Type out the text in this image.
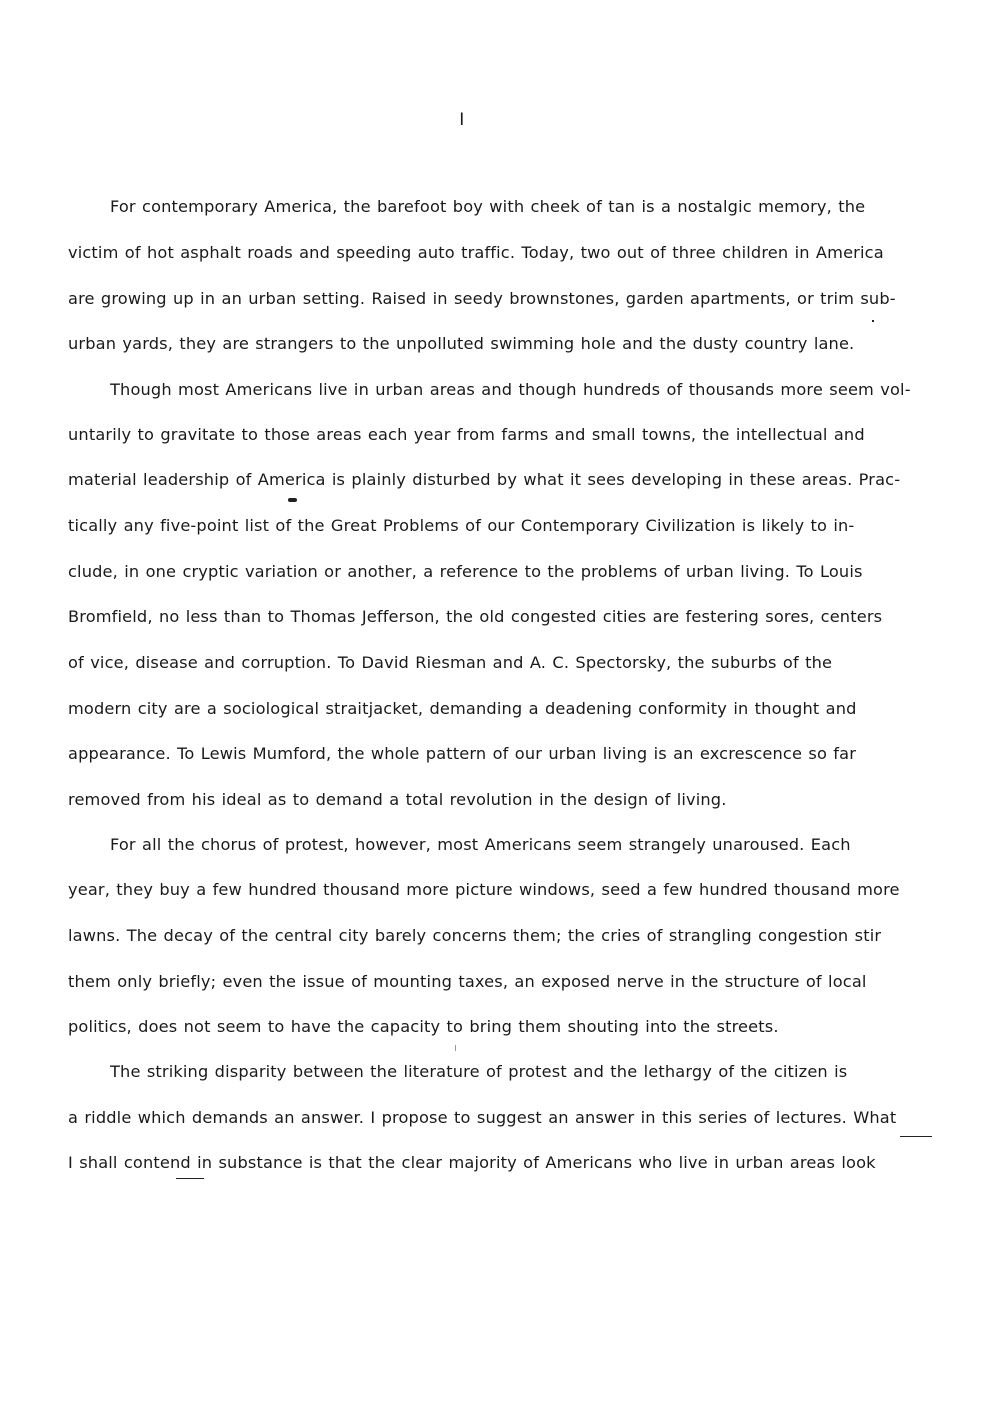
I
For contemporary America, the barefoot boy with cheek of tan is a nostalgic memory, the
victim of hot asphalt roads and speeding auto traffic. Today, two out of three children in America
are growing up in an urban setting. Raised in seedy brownstones, garden apartments, or trim sub-
urban yards, they are strangers to the unpolluted swimming hole and the dusty country lane.
Though most Americans live in urban areas and though hundreds of thousands more seem vol-
untarily to gravitate to those areas each year from farms and small towns, the intellectual and
material leadership of America is plainly disturbed by what it sees developing in these areas. Prac-
tically any five-point list of the Great Problems of our Contemporary Civilization is likely to in-
clude, in one cryptic variation or another, a reference to the problems of urban living. To Louis
Bromfield, no less than to Thomas Jefferson, the old congested cities are festering sores, centers
of vice, disease and corruption. To David Riesman and A. C. Spectorsky, the suburbs of the
modern city are a sociological straitjacket, demanding a deadening conformity in thought and
appearance. To Lewis Mumford, the whole pattern of our urban living is an excrescence so far
removed from his ideal as to demand a total revolution in the design of living.
For all the chorus of protest, however, most Americans seem strangely unaroused. Each
year, they buy a few hundred thousand more picture windows, seed a few hundred thousand more
lawns. The decay of the central city barely concerns them; the cries of strangling congestion stir
them only briefly; even the issue of mounting taxes, an exposed nerve in the structure of local
politics, does not seem to have the capacity to bring them shouting into the streets.
The striking disparity between the literature of protest and the lethargy of the citizen is
a riddle which demands an answer. I propose to suggest an answer in this series of lectures. What
I shall contend in substance is that the clear majority of Americans who live in urban areas look
